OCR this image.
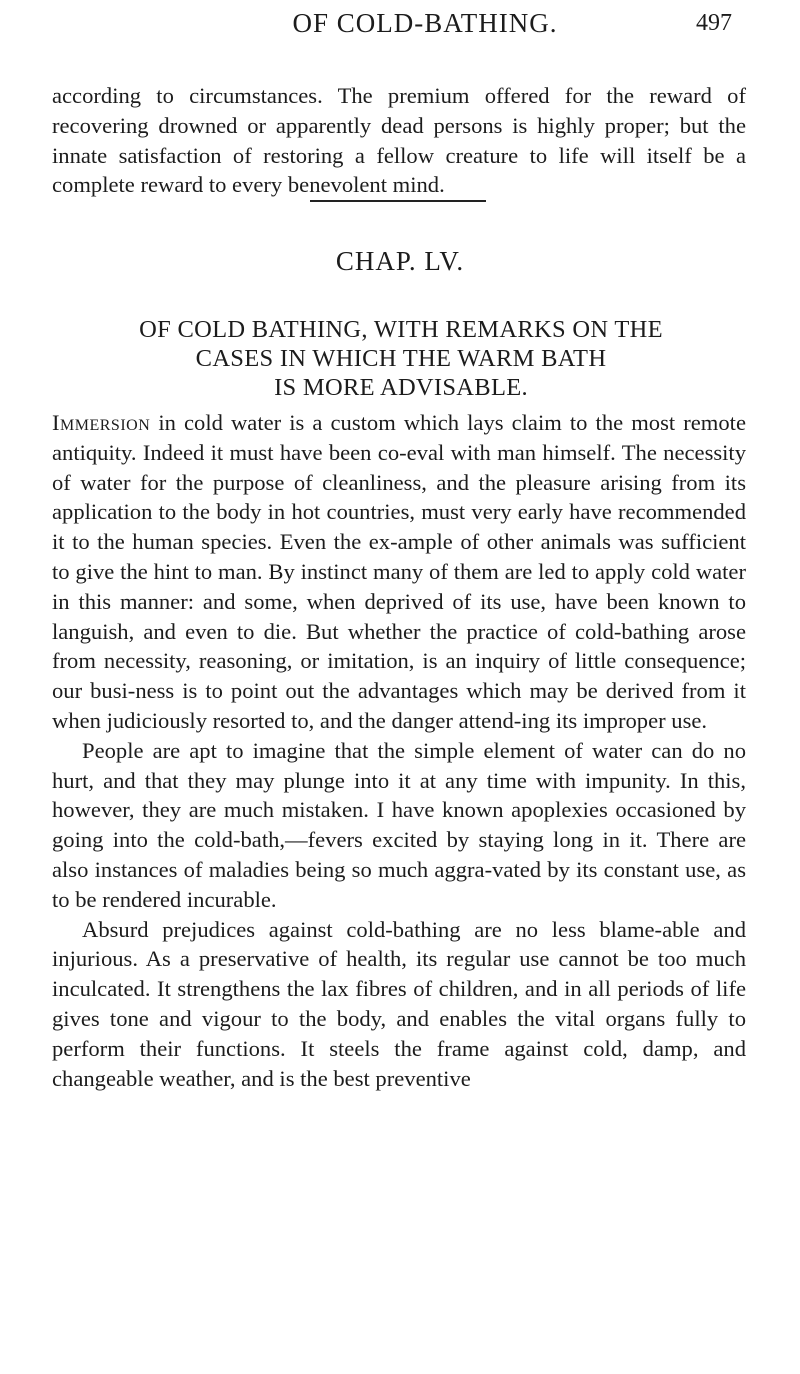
OF COLD-BATHING.	497

according to circumstances. The premium offered for the reward of recovering drowned or apparently dead persons is highly proper; but the innate satisfaction of restoring a fellow creature to life will itself be a complete reward to every benevolent mind.

CHAP. LV.
OF COLD BATHING, WITH REMARKS ON THE
CASES IN WHICH THE WARM BATH
IS MORE ADVISABLE.

Immersion in cold water is a custom which lays claim to the most remote antiquity. Indeed it must have been co-eval with man himself. The necessity of water for the purpose of cleanliness, and the pleasure arising from its application to the body in hot countries, must very early have recommended it to the human species. Even the ex-ample of other animals was sufficient to give the hint to man. By instinct many of them are led to apply cold water in this manner: and some, when deprived of its use, have been known to languish, and even to die. But whether the practice of cold-bathing arose from necessity, reasoning, or imitation, is an inquiry of little consequence; our busi-ness is to point out the advantages which may be derived from it when judiciously resorted to, and the danger attend-ing its improper use.

People are apt to imagine that the simple element of water can do no hurt, and that they may plunge into it at any time with impunity. In this, however, they are much mistaken. I have known apoplexies occasioned by going into the cold-bath,—fevers excited by staying long in it. There are also instances of maladies being so much aggra-vated by its constant use, as to be rendered incurable.

Absurd prejudices against cold-bathing are no less blame-able and injurious. As a preservative of health, its regular use cannot be too much inculcated. It strengthens the lax fibres of children, and in all periods of life gives tone and vigour to the body, and enables the vital organs fully to perform their functions. It steels the frame against cold, damp, and changeable weather, and is the best preventive
